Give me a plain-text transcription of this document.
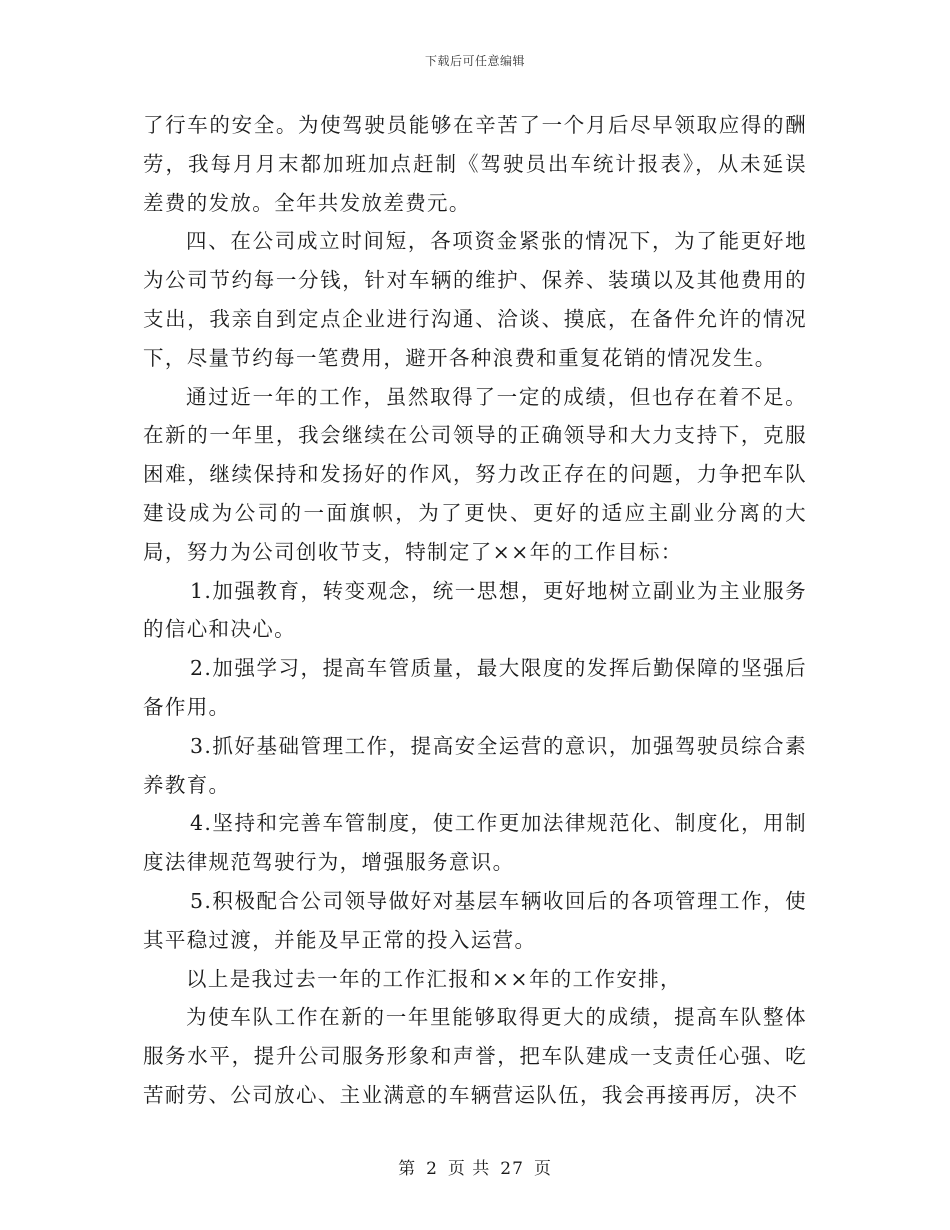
下载后可任意编辑

了行车的安全。为使驾驶员能够在辛苦了一个月后尽早领取应得的酬劳，我每月月末都加班加点赶制《驾驶员出车统计报表》，从未延误差费的发放。全年共发放差费元。

四、在公司成立时间短，各项资金紧张的情况下，为了能更好地为公司节约每一分钱，针对车辆的维护、保养、装璜以及其他费用的支出，我亲自到定点企业进行沟通、洽谈、摸底，在备件允许的情况下，尽量节约每一笔费用，避开各种浪费和重复花销的情况发生。

通过近一年的工作，虽然取得了一定的成绩，但也存在着不足。在新的一年里，我会继续在公司领导的正确领导和大力支持下，克服困难，继续保持和发扬好的作风，努力改正存在的问题，力争把车队建设成为公司的一面旗帜，为了更快、更好的适应主副业分离的大局，努力为公司创收节支，特制定了××年的工作目标：

1.加强教育，转变观念，统一思想，更好地树立副业为主业服务的信心和决心。

2.加强学习，提高车管质量，最大限度的发挥后勤保障的坚强后备作用。

3.抓好基础管理工作，提高安全运营的意识，加强驾驶员综合素养教育。

4.坚持和完善车管制度，使工作更加法律规范化、制度化，用制度法律规范驾驶行为，增强服务意识。

5.积极配合公司领导做好对基层车辆收回后的各项管理工作，使其平稳过渡，并能及早正常的投入运营。

以上是我过去一年的工作汇报和××年的工作安排，

为使车队工作在新的一年里能够取得更大的成绩，提高车队整体服务水平，提升公司服务形象和声誉，把车队建成一支责任心强、吃苦耐劳、公司放心、主业满意的车辆营运队伍，我会再接再厉，决不

第 2 页 共 27 页
